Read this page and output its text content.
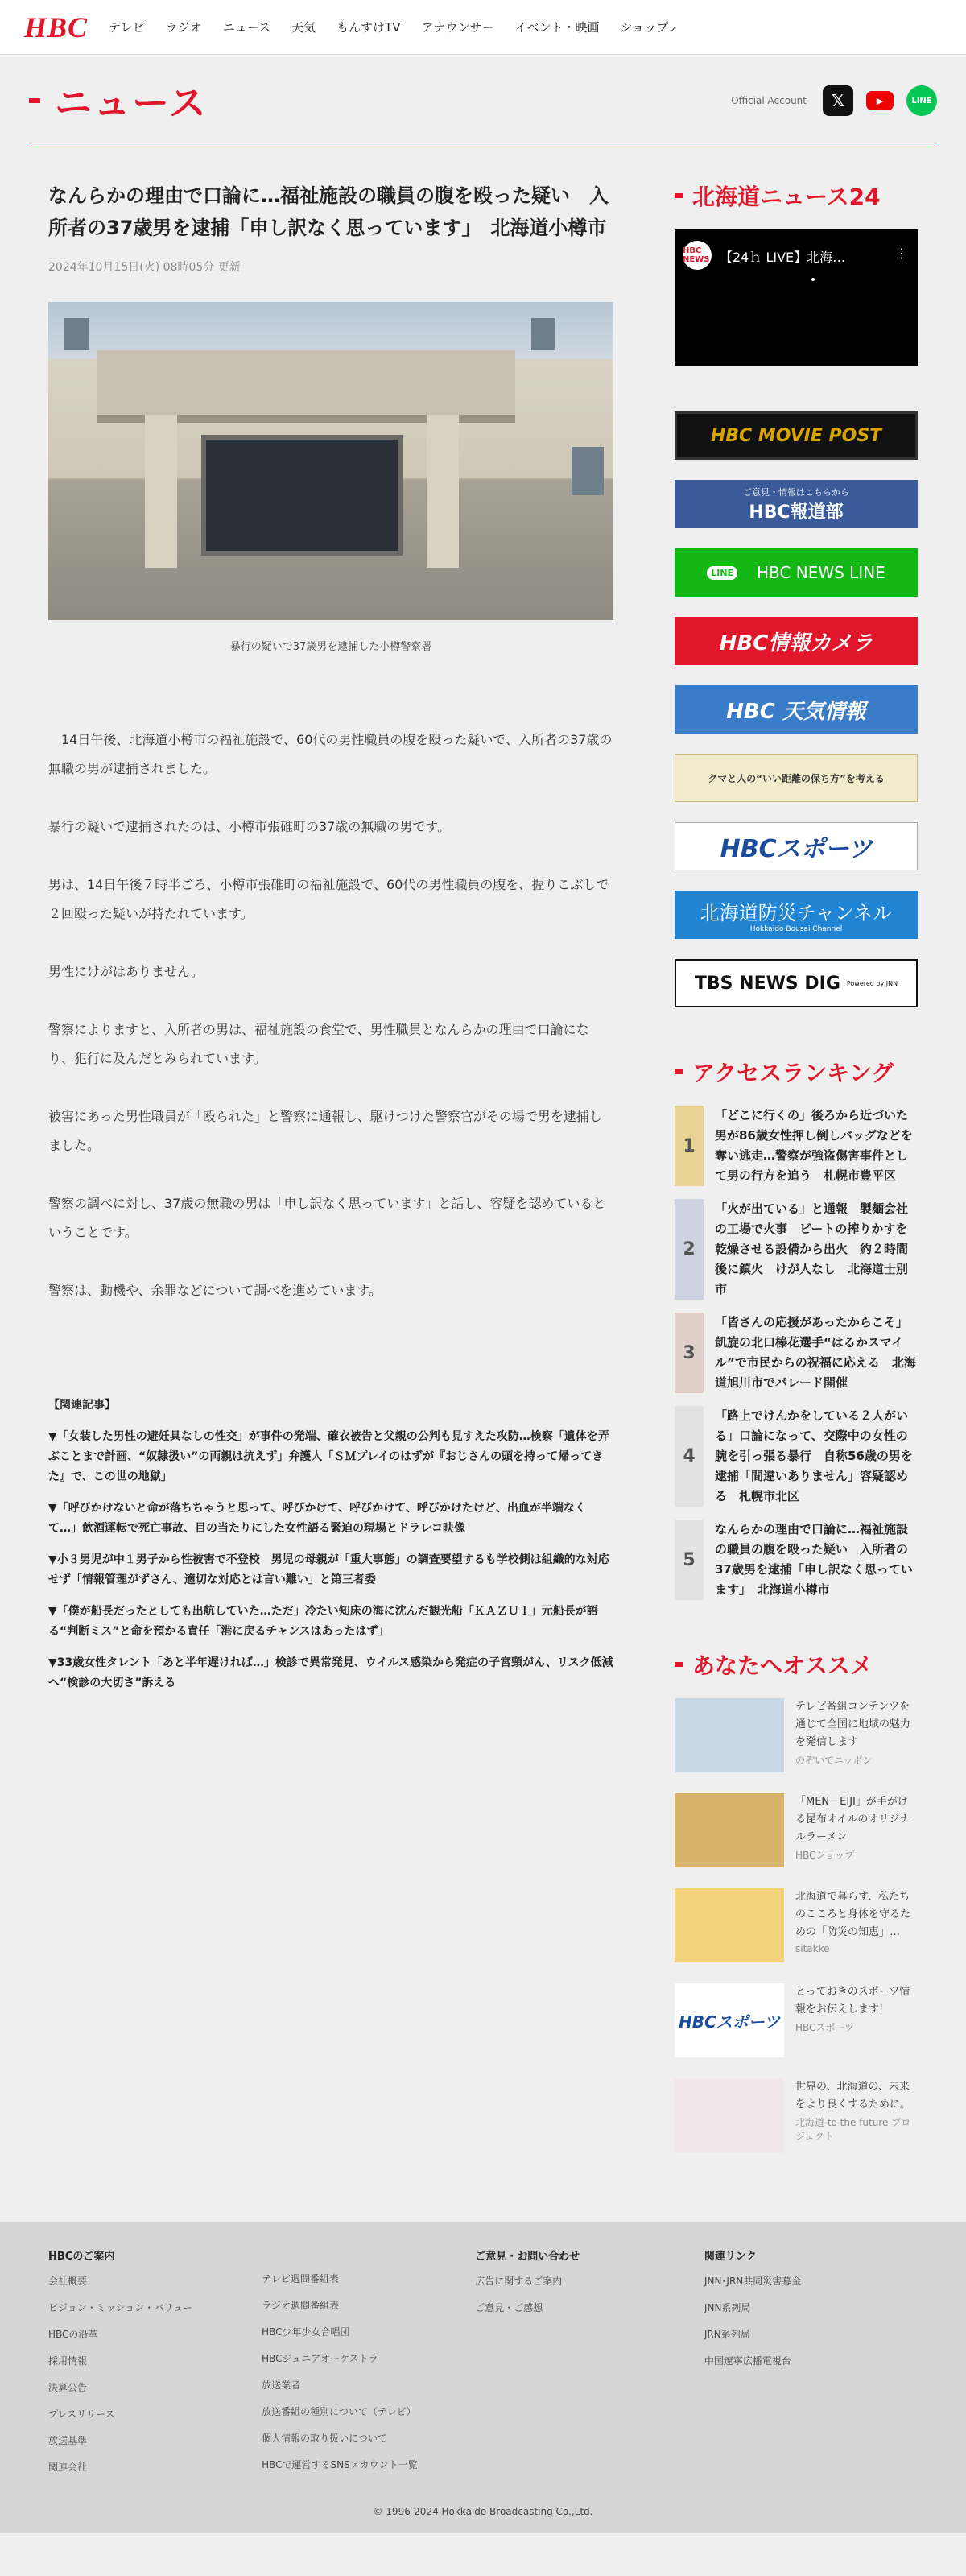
HBC テレビ ラジオ ニュース 天気 もんすけTV アナウンサー イベント・映画 ショップ ↗
ニュース	Official Account	𝕏	▶	LINE
なんらかの理由で口論に…福祉施設の職員の腹を殴った疑い　入所者の37歳男を逮捕「申し訳なく思っています」　北海道小樽市
2024年10月15日(火) 08時05分 更新
暴行の疑いで37歳男を逮捕した小樽警察署

　14日午後、北海道小樽市の福祉施設で、60代の男性職員の腹を殴った疑いで、入所者の37歳の無職の男が逮捕されました。

暴行の疑いで逮捕されたのは、小樽市張碓町の37歳の無職の男です。

男は、14日午後７時半ごろ、小樽市張碓町の福祉施設で、60代の男性職員の腹を、握りこぶしで２回殴った疑いが持たれています。

男性にけがはありません。

警察によりますと、入所者の男は、福祉施設の食堂で、男性職員となんらかの理由で口論になり、犯行に及んだとみられています。

被害にあった男性職員が「殴られた」と警察に通報し、駆けつけた警察官がその場で男を逮捕しました。

警察の調べに対し、37歳の無職の男は「申し訳なく思っています」と話し、容疑を認めているということです。

警察は、動機や、余罪などについて調べを進めています。

【関連記事】
▼「女装した男性の避妊具なしの性交」が事件の発端、確衣被告と父親の公判も見すえた攻防…検察「遺体を弄ぶことまで計画、“奴隷扱い”の両親は抗えず」弁護人「ＳＭプレイのはずが『おじさんの頭を持って帰ってきた』で、この世の地獄」
▼「呼びかけないと命が落ちちゃうと思って、呼びかけて、呼びかけて、呼びかけたけど、出血が半端なくて…」飲酒運転で死亡事故、目の当たりにした女性語る緊迫の現場とドラレコ映像
▼小３男児が中１男子から性被害で不登校　男児の母親が「重大事態」の調査要望するも学校側は組織的な対応せず「情報管理がずさん、適切な対応とは言い難い」と第三者委
▼「僕が船長だったとしても出航していた…ただ」冷たい知床の海に沈んだ観光船「ＫＡＺＵＩ」元船長が語る“判断ミス”と命を預かる責任「港に戻るチャンスはあったはず」
▼33歳女性タレント「あと半年遅ければ…」検診で異常発見、ウイルス感染から発症の子宮頸がん、リスク低減へ“検診の大切さ”訴える
北海道ニュース24
HBC NEWS 【24ｈ LIVE】北海…	⋮
HBC MOVIE POST
ご意見・情報はこちらから
HBC報道部
LINE HBC NEWS LINE
HBC情報カメラ
HBC 天気情報
クマと人の“いい距離の保ち方”を考える
HBCスポーツ
北海道防災チャンネル
Hokkaido Bousai Channel
TBS NEWS DIG Powered by JNN
アクセスランキング
1
「どこに行くの」後ろから近づいた男が86歳女性押し倒しバッグなどを奪い逃走…警察が強盗傷害事件として男の行方を追う　札幌市豊平区
2
「火が出ている」と通報　製麺会社の工場で火事　ビートの搾りかすを乾燥させる設備から出火　約２時間後に鎮火　けが人なし　北海道士別市
3
「皆さんの応援があったからこそ」凱旋の北口榛花選手“はるかスマイル”で市民からの祝福に応える　北海道旭川市でパレード開催
4
「路上でけんかをしている２人がいる」口論になって、交際中の女性の腕を引っ張る暴行　自称56歳の男を逮捕「間違いありません」容疑認める　札幌市北区
5
なんらかの理由で口論に…福祉施設の職員の腹を殴った疑い　入所者の37歳男を逮捕「申し訳なく思っています」　北海道小樽市
あなたへオススメ
テレビ番組コンテンツを通じて全国に地域の魅力を発信します
のぞいてニッポン
「MEN－EIJI」が手がける昆布オイルのオリジナルラーメン
HBCショップ
北海道で暮らす、私たちのこころと身体を守るための「防災の知恵」…
sitakke
HBCスポーツ
とっておきのスポーツ情報をお伝えします!
HBCスポーツ
世界の、北海道の、未来をより良くするために。
北海道 to the future プロジェクト
HBCのご案内
会社概要
ビジョン・ミッション・バリュー
HBCの沿革
採用情報
決算公告
プレスリリース
放送基準
関連会社
テレビ週間番組表
ラジオ週間番組表
HBC少年少女合唱団
HBCジュニアオーケストラ
放送業者
放送番組の種別について（テレビ）
個人情報の取り扱いについて
HBCで運営するSNSアカウント一覧
ご意見・お問い合わせ
広告に関するご案内
ご意見・ご感想
関連リンク
JNN･JRN共同災害募金
JNN系列局
JRN系列局
中国遼寧広播電視台
© 1996-2024,Hokkaido Broadcasting Co.,Ltd.
